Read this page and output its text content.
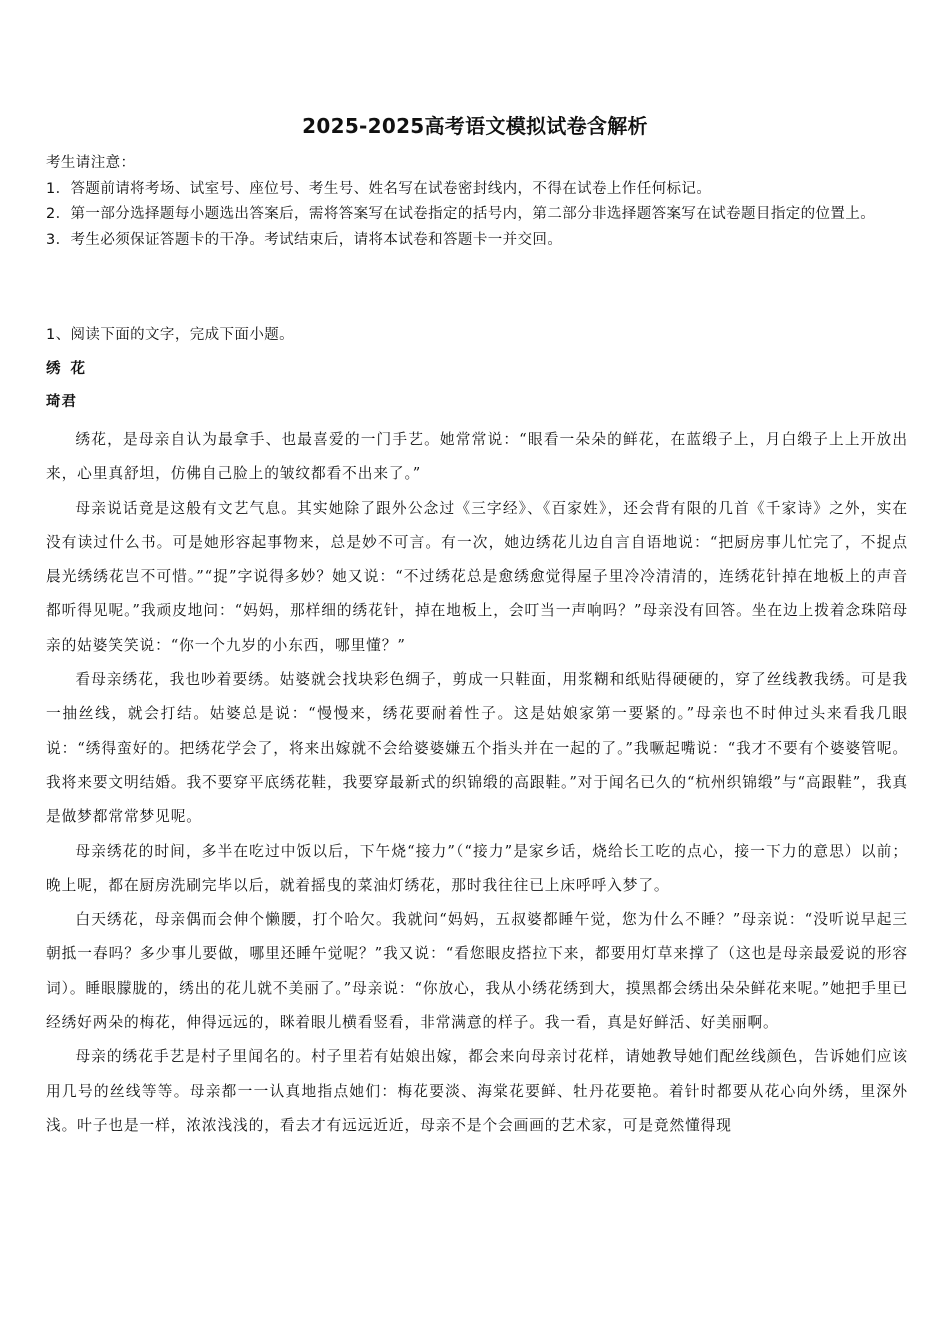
2025-2025高考语文模拟试卷含解析

考生请注意：

1．答题前请将考场、试室号、座位号、考生号、姓名写在试卷密封线内，不得在试卷上作任何标记。

2．第一部分选择题每小题选出答案后，需将答案写在试卷指定的括号内，第二部分非选择题答案写在试卷题目指定的位置上。

3．考生必须保证答题卡的干净。考试结束后，请将本试卷和答题卡一并交回。

1、阅读下面的文字，完成下面小题。
绣花
琦君

绣花，是母亲自认为最拿手、也最喜爱的一门手艺。她常常说：“眼看一朵朵的鲜花，在蓝缎子上，月白缎子上上开放出来，心里真舒坦，仿佛自己脸上的皱纹都看不出来了。”

母亲说话竟是这般有文艺气息。其实她除了跟外公念过《三字经》、《百家姓》，还会背有限的几首《千家诗》之外，实在没有读过什么书。可是她形容起事物来，总是妙不可言。有一次，她边绣花儿边自言自语地说：“把厨房事儿忙完了，不捉点晨光绣绣花岂不可惜。”“捉”字说得多妙？她又说：“不过绣花总是愈绣愈觉得屋子里冷冷清清的，连绣花针掉在地板上的声音都听得见呢。”我顽皮地问：“妈妈，那样细的绣花针，掉在地板上，会叮当一声响吗？”母亲没有回答。坐在边上拨着念珠陪母亲的姑婆笑笑说：“你一个九岁的小东西，哪里懂？”

看母亲绣花，我也吵着要绣。姑婆就会找块彩色绸子，剪成一只鞋面，用浆糊和纸贴得硬硬的，穿了丝线教我绣。可是我一抽丝线，就会打结。姑婆总是说：“慢慢来，绣花要耐着性子。这是姑娘家第一要紧的。”母亲也不时伸过头来看我几眼说：“绣得蛮好的。把绣花学会了，将来出嫁就不会给婆婆嫌五个指头并在一起的了。”我噘起嘴说：“我才不要有个婆婆管呢。我将来要文明结婚。我不要穿平底绣花鞋，我要穿最新式的织锦缎的高跟鞋。”对于闻名已久的“杭州织锦缎”与“高跟鞋”，我真是做梦都常常梦见呢。

母亲绣花的时间，多半在吃过中饭以后，下午烧“接力”（“接力”是家乡话，烧给长工吃的点心，接一下力的意思）以前；晚上呢，都在厨房洗刷完毕以后，就着摇曳的菜油灯绣花，那时我往往已上床呼呼入梦了。

白天绣花，母亲偶而会伸个懒腰，打个哈欠。我就问“妈妈，五叔婆都睡午觉，您为什么不睡？”母亲说：“没听说早起三朝抵一春吗？多少事儿要做，哪里还睡午觉呢？”我又说：“看您眼皮搭拉下来，都要用灯草来撑了（这也是母亲最爱说的形容词）。睡眼朦胧的，绣出的花儿就不美丽了。”母亲说：“你放心，我从小绣花绣到大，摸黑都会绣出朵朵鲜花来呢。”她把手里已经绣好两朵的梅花，伸得远远的，眯着眼儿横看竖看，非常满意的样子。我一看，真是好鲜活、好美丽啊。

母亲的绣花手艺是村子里闻名的。村子里若有姑娘出嫁，都会来向母亲讨花样，请她教导她们配丝线颜色，告诉她们应该用几号的丝线等等。母亲都一一认真地指点她们：梅花要淡、海棠花要鲜、牡丹花要艳。着针时都要从花心向外绣，里深外浅。叶子也是一样，浓浓浅浅的，看去才有远远近近，母亲不是个会画画的艺术家，可是竟然懂得现
